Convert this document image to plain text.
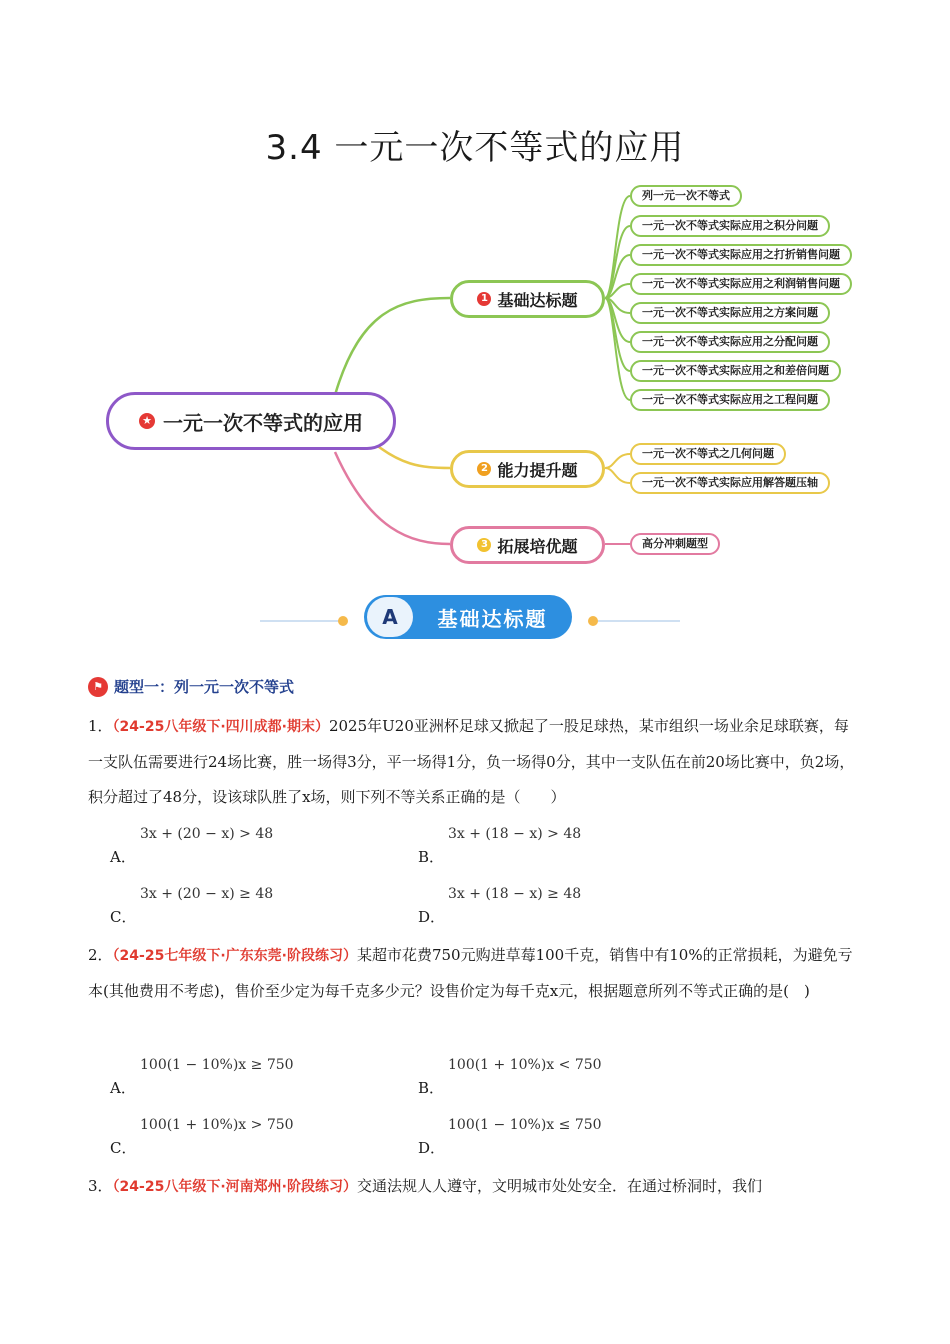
3.4 一元一次不等式的应用
★ 一元一次不等式的应用
1 基础达标题
2 能力提升题
3 拓展培优题
列一元一次不等式
一元一次不等式实际应用之积分问题
一元一次不等式实际应用之打折销售问题
一元一次不等式实际应用之利润销售问题
一元一次不等式实际应用之方案问题
一元一次不等式实际应用之分配问题
一元一次不等式实际应用之和差倍问题
一元一次不等式实际应用之工程问题
一元一次不等式之几何问题
一元一次不等式实际应用解答题压轴
高分冲刺题型
A	基础达标题
⚑ 题型一：列一元一次不等式
1．（24-25八年级下·四川成都·期末）2025年U20亚洲杯足球又掀起了一股足球热，某市组织一场业余足球联赛，每一支队伍需要进行24场比赛，胜一场得3分，平一场得1分，负一场得0分，其中一支队伍在前20场比赛中，负2场，积分超过了48分，设该球队胜了x场，则下列不等关系正确的是（　　）
A．
3x + (20 − x) > 48
B．
3x + (18 − x) > 48
C．
3x + (20 − x) ≥ 48
D．
3x + (18 − x) ≥ 48
2．（24-25七年级下·广东东莞·阶段练习）某超市花费750元购进草莓100千克，销售中有10%的正常损耗，为避免亏本(其他费用不考虑)，售价至少定为每千克多少元？设售价定为每千克x元，根据题意所列不等式正确的是(　)
A．
100(1 − 10%)x ≥ 750
B．
100(1 + 10%)x < 750
C．
100(1 + 10%)x > 750
D．
100(1 − 10%)x ≤ 750
3．（24-25八年级下·河南郑州·阶段练习）交通法规人人遵守，文明城市处处安全．在通过桥洞时，我们
